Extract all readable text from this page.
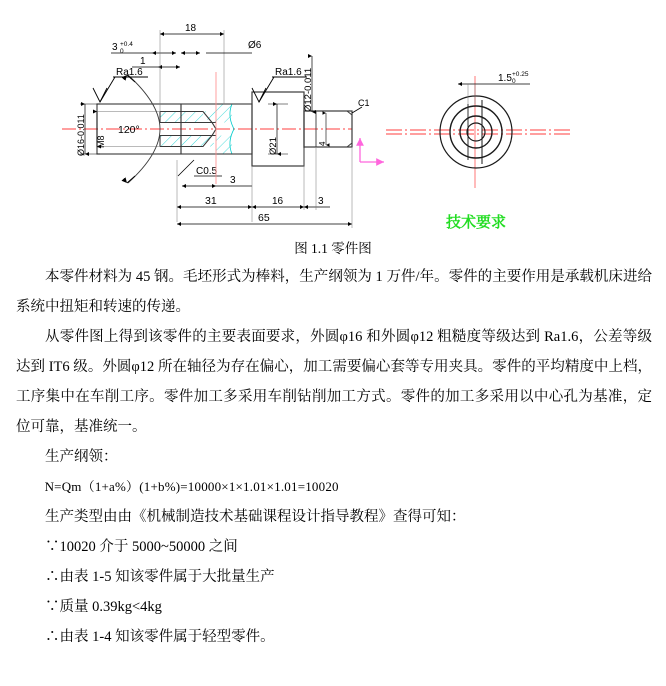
C1
C0.5
Ra1.6	Ra1.6
3 +0.4
0
1
18
Ø6
Ø12-0.011
Ø16-0.011 M8
120°
Ø21	4
3
31	16	3
65
1.5 +0.25
0
技术要求
图 1.1 零件图

本零件材料为 45 钢。毛坯形式为棒料，生产纲领为 1 万件/年。零件的主要作用是承载机床进给系统中扭矩和转速的传递。

从零件图上得到该零件的主要表面要求，外圆φ16 和外圆φ12 粗糙度等级达到 Ra1.6，公差等级达到 IT6 级。外圆φ12 所在轴径为存在偏心，加工需要偏心套等专用夹具。零件的平均精度中上档，工序集中在车削工序。零件加工多采用车削钻削加工方式。零件的加工多采用以中心孔为基准，定位可靠，基准统一。

生产纲领：

N=Qm（1+a%）(1+b%)=10000×1×1.01×1.01=10020

生产类型由由《机械制造技术基础课程设计指导教程》查得可知：

∵10020 介于 5000~50000 之间

∴由表 1-5 知该零件属于大批量生产

∵质量 0.39kg<4kg

∴由表 1-4 知该零件属于轻型零件。
